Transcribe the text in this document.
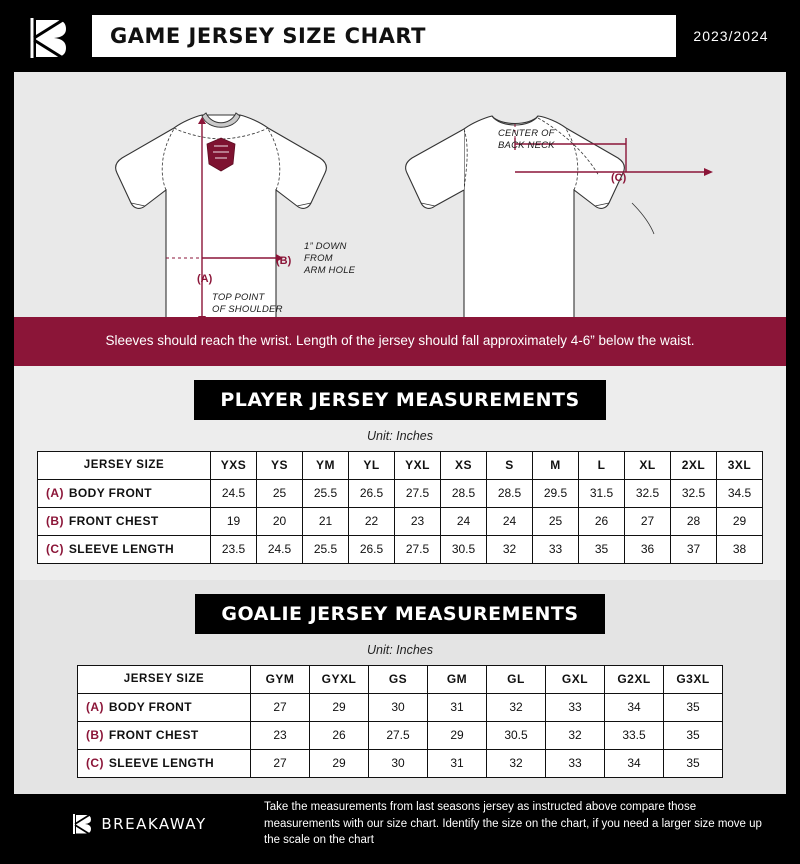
GAME JERSEY SIZE CHART	2023/2024
CENTER OF
BACK NECK
(C)
(B)
(A)
1” DOWN
FROM
ARM HOLE
TOP POINT
OF SHOULDER
Sleeves should reach the wrist. Length of the jersey should fall approximately 4-6” below the waist.
PLAYER JERSEY MEASUREMENTS
Unit: Inches
JERSEY SIZE	YXS	YS	YM	YL	YXL	XS	S	M	L	XL	2XL	3XL
(A) BODY FRONT	24.5	25	25.5	26.5	27.5	28.5	28.5	29.5	31.5	32.5	32.5	34.5
(B) FRONT CHEST	19	20	21	22	23	24	24	25	26	27	28	29
(C) SLEEVE LENGTH	23.5	24.5	25.5	26.5	27.5	30.5	32	33	35	36	37	38
GOALIE JERSEY MEASUREMENTS
Unit: Inches
JERSEY SIZE	GYM	GYXL	GS	GM	GL	GXL	G2XL	G3XL
(A) BODY FRONT	27	29	30	31	32	33	34	35
(B) FRONT CHEST	23	26	27.5	29	30.5	32	33.5	35
(C) SLEEVE LENGTH	27	29	30	31	32	33	34	35
BREAKAWAY
Take the measurements from last seasons jersey as instructed above compare those measurements with our size chart. Identify the size on the chart, if you need a larger size move up the scale on the chart
